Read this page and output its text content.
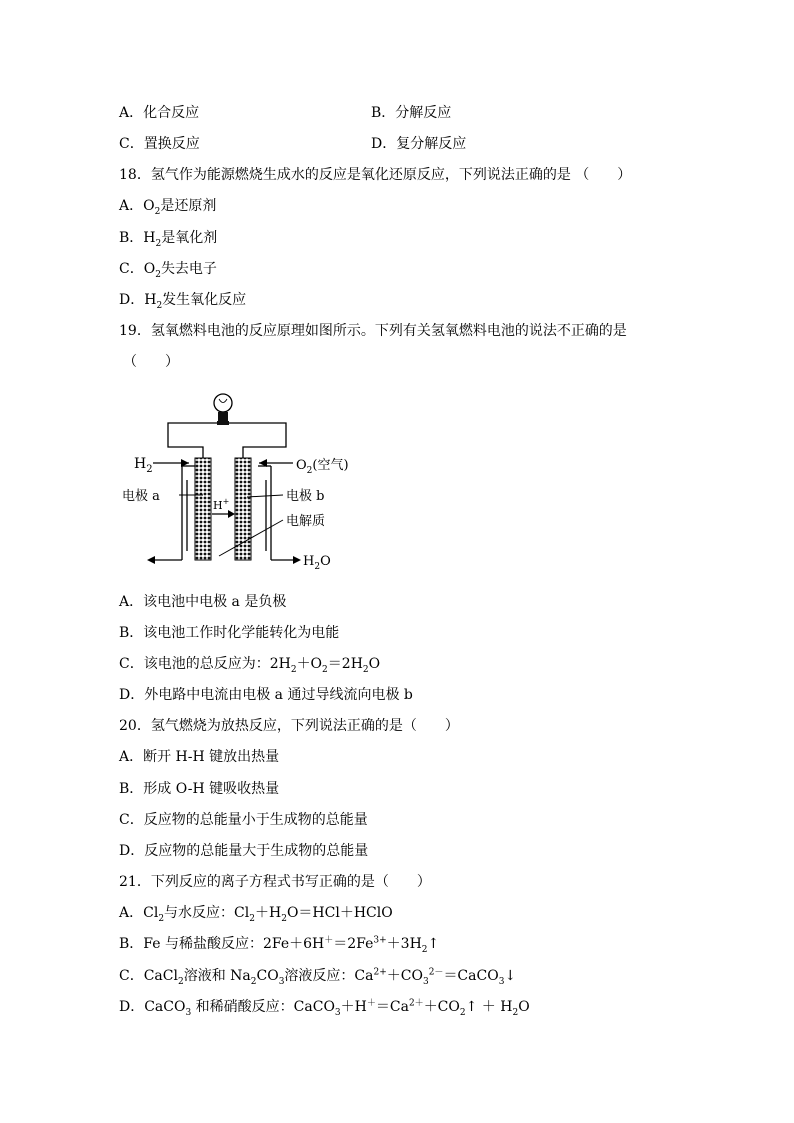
A．化合反应	B．分解反应
C．置换反应	D．复分解反应
18．氢气作为能源燃烧生成水的反应是氧化还原反应，下列说法正确的是 （　　）
A．$O_2$是还原剂
B．$H_2$是氧化剂
C．$O_2$失去电子
D．$H_2$发生氧化反应
19．氢氧燃料电池的反应原理如图所示。下列有关氢氧燃料电池的说法不正确的是
（　　）
$H_2$	$O_2$(空气)
电极 a
H+	电极 b
电解质
$H_2O$
A．该电池中电极 a 是负极
B．该电池工作时化学能转化为电能
C．该电池的总反应为：$2H_2+O_2=2H_2O$
D．外电路中电流由电极 a 通过导线流向电极 b
20．氢气燃烧为放热反应，下列说法正确的是（　　）
A．断开 H-H 键放出热量
B．形成 O-H 键吸收热量
C．反应物的总能量小于生成物的总能量
D．反应物的总能量大于生成物的总能量
21．下列反应的离子方程式书写正确的是（　　）
A．$Cl_2$与水反应：$Cl_2+H_2O=HCl+HClO$
B．Fe 与稀盐酸反应：$2Fe+6H^+=2Fe^{3+}+3H_2↑$
C．CaCl$_2$溶液和 $Na_2CO_3$溶液反应：$Ca^{2+}+CO_3^{2-}=CaCO_3↓$
D．CaCO$_3$ 和稀硝酸反应：$CaCO_3+H^+=Ca^{2+}+CO_2↑ + H_2O$
